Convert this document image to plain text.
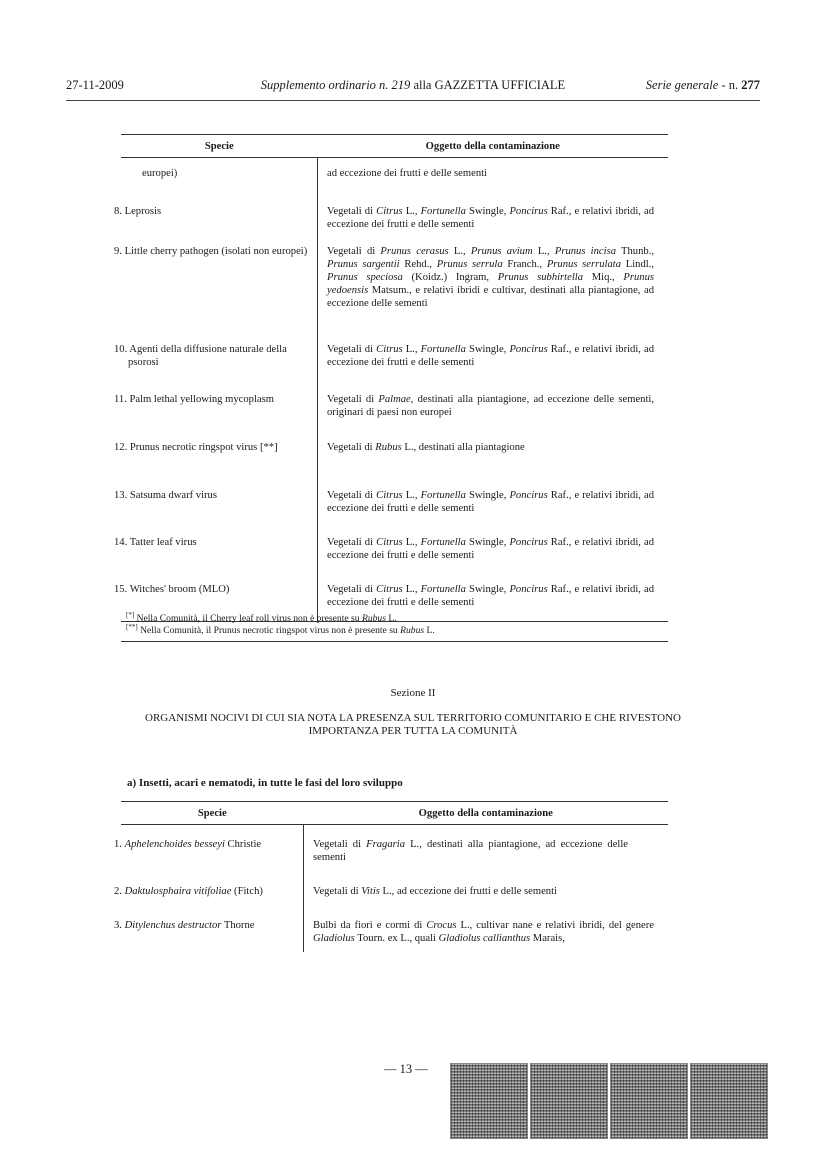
27-11-2009	Supplemento ordinario n. 219 alla GAZZETTA UFFICIALE	Serie generale - n. 277
Specie	Oggetto della contaminazione
europei)	ad eccezione dei frutti e delle sementi
8. Leprosis	Vegetali di Citrus L., Fortunella Swingle, Poncirus Raf., e relativi ibridi, ad eccezione dei frutti e delle sementi
9. Little cherry pathogen (isolati non europei)	Vegetali di Prunus cerasus L., Prunus avium L., Prunus incisa Thunb., Prunus sargentii Rehd., Prunus serrula Franch., Prunus serrulata Lindl., Prunus speciosa (Koidz.) Ingram, Prunus subhirtella Miq., Prunus yedoensis Matsum., e relativi ibridi e cultivar, destinati alla piantagione, ad eccezione delle sementi
10. Agenti della diffusione naturale della psorosi	Vegetali di Citrus L., Fortunella Swingle, Poncirus Raf., e relativi ibridi, ad eccezione dei frutti e delle sementi
11. Palm lethal yellowing mycoplasm	Vegetali di Palmae, destinati alla piantagione, ad eccezione delle sementi, originari di paesi non europei
12. Prunus necrotic ringspot virus [**]	Vegetali di Rubus L., destinati alla piantagione
13. Satsuma dwarf virus	Vegetali di Citrus L., Fortunella Swingle, Poncirus Raf., e relativi ibridi, ad eccezione dei frutti e delle sementi
14. Tatter leaf virus	Vegetali di Citrus L., Fortunella Swingle, Poncirus Raf., e relativi ibridi, ad eccezione dei frutti e delle sementi
15. Witches' broom (MLO)	Vegetali di Citrus L., Fortunella Swingle, Poncirus Raf., e relativi ibridi, ad eccezione dei frutti e delle sementi
[*] Nella Comunità, il Cherry leaf roll virus non è presente su Rubus L.
[**] Nella Comunità, il Prunus necrotic ringspot virus non è presente su Rubus L.
Sezione II
ORGANISMI NOCIVI DI CUI SIA NOTA LA PRESENZA SUL TERRITORIO COMUNITARIO E CHE RIVESTONO IMPORTANZA PER TUTTA LA COMUNITÀ
a) Insetti, acari e nematodi, in tutte le fasi del loro sviluppo
Specie	Oggetto della contaminazione
1. Aphelenchoides besseyi Christie	Vegetali di Fragaria L., destinati alla piantagione, ad eccezione delle sementi
2. Daktulosphaira vitifoliae (Fitch)	Vegetali di Vitis L., ad eccezione dei frutti e delle sementi
3. Ditylenchus destructor Thorne	Bulbi da fiori e cormi di Crocus L., cultivar nane e relativi ibridi, del genere Gladiolus Tourn. ex L., quali Gladiolus callianthus Marais,
— 13 —
